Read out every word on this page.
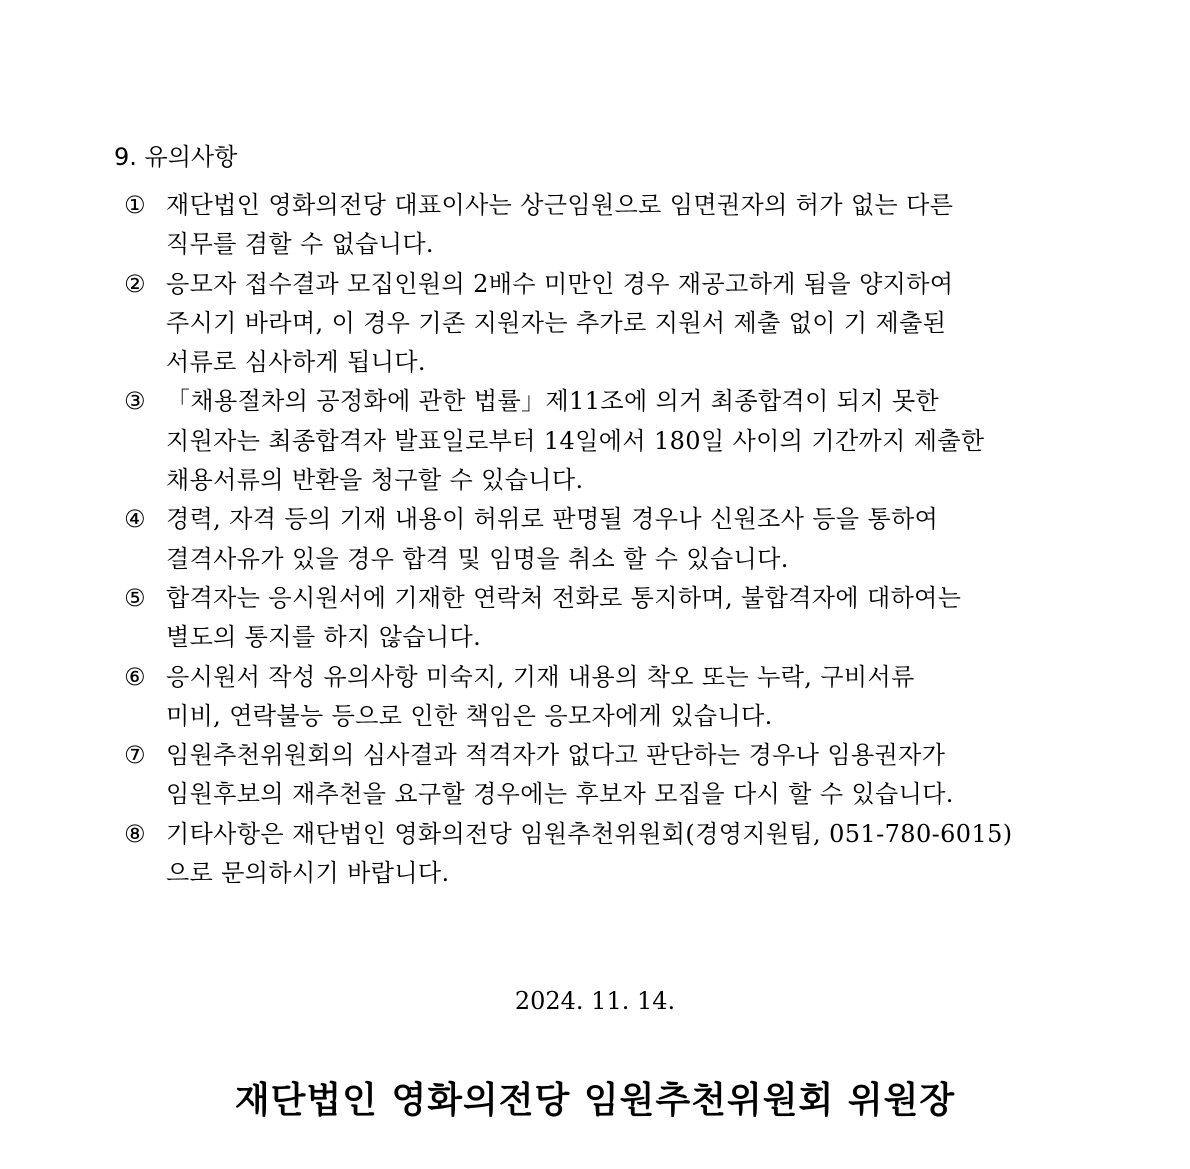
9. 유의사항
① 재단법인 영화의전당 대표이사는 상근임원으로 임면권자의 허가 없는 다른
직무를 겸할 수 없습니다.
② 응모자 접수결과 모집인원의 2배수 미만인 경우 재공고하게 됨을 양지하여
주시기 바라며, 이 경우 기존 지원자는 추가로 지원서 제출 없이 기 제출된
서류로 심사하게 됩니다.
③ 「채용절차의 공정화에 관한 법률」제11조에 의거 최종합격이 되지 못한
지원자는 최종합격자 발표일로부터 14일에서 180일 사이의 기간까지 제출한
채용서류의 반환을 청구할 수 있습니다.
④ 경력, 자격 등의 기재 내용이 허위로 판명될 경우나 신원조사 등을 통하여
결격사유가 있을 경우 합격 및 임명을 취소 할 수 있습니다.
⑤ 합격자는 응시원서에 기재한 연락처 전화로 통지하며, 불합격자에 대하여는
별도의 통지를 하지 않습니다.
⑥ 응시원서 작성 유의사항 미숙지, 기재 내용의 착오 또는 누락, 구비서류
미비, 연락불능 등으로 인한 책임은 응모자에게 있습니다.
⑦ 임원추천위원회의 심사결과 적격자가 없다고 판단하는 경우나 임용권자가
임원후보의 재추천을 요구할 경우에는 후보자 모집을 다시 할 수 있습니다.
⑧ 기타사항은 재단법인 영화의전당 임원추천위원회(경영지원팀, 051-780-6015)
으로 문의하시기 바랍니다.
2024. 11. 14.
재단법인 영화의전당 임원추천위원회 위원장
